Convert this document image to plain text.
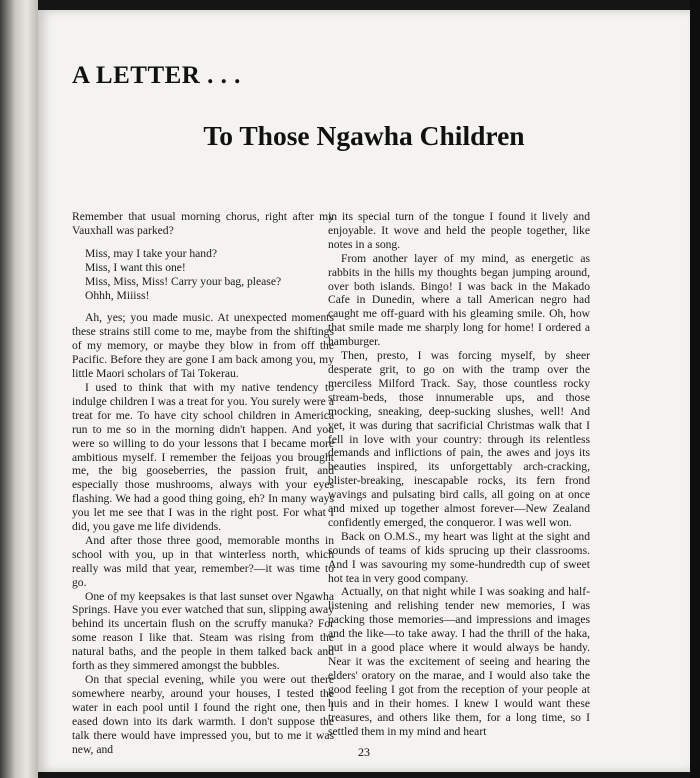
A LETTER . . .
To Those Ngawha Children

Remember that usual morning chorus, right after my Vauxhall was parked?

Miss, may I take your hand?
Miss, I want this one!
Miss, Miss, Miss! Carry your bag, please?
Ohhh, Miiiss!

Ah, yes; you made music. At unexpected moments these strains still come to me, maybe from the shiftings of my memory, or maybe they blow in from off the Pacific. Before they are gone I am back among you, my little Maori scholars of Tai Tokerau.

I used to think that with my native tendency to indulge children I was a treat for you. You surely were a treat for me. To have city school children in America run to me so in the morning didn't happen. And you were so willing to do your lessons that I became more ambitious myself. I remember the feijoas you brought me, the big gooseberries, the passion fruit, and especially those mushrooms, always with your eyes flashing. We had a good thing going, eh? In many ways you let me see that I was in the right post. For what I did, you gave me life dividends.

And after those three good, memorable months in school with you, up in that winterless north, which really was mild that year, remember?—it was time to go.

One of my keepsakes is that last sunset over Ngawha Springs. Have you ever watched that sun, slipping away behind its uncertain flush on the scruffy manuka? For some reason I like that. Steam was rising from the natural baths, and the people in them talked back and forth as they simmered amongst the bubbles.

On that special evening, while you were out there somewhere nearby, around your houses, I tested the water in each pool until I found the right one, then I eased down into its dark warmth. I don't suppose the talk there would have impressed you, but to me it was new, and

in its special turn of the tongue I found it lively and enjoyable. It wove and held the people together, like notes in a song.

From another layer of my mind, as energetic as rabbits in the hills my thoughts began jumping around, over both islands. Bingo! I was back in the Makado Cafe in Dunedin, where a tall American negro had caught me off-guard with his gleaming smile. Oh, how that smile made me sharply long for home! I ordered a hamburger.

Then, presto, I was forcing myself, by sheer desperate grit, to go on with the tramp over the merciless Milford Track. Say, those countless rocky stream-beds, those innumerable ups, and those mocking, sneaking, deep-sucking slushes, well! And yet, it was during that sacrificial Christmas walk that I fell in love with your country: through its relentless demands and inflictions of pain, the awes and joys its beauties inspired, its unforgettably arch-cracking, blister-breaking, inescapable rocks, its fern frond wavings and pulsating bird calls, all going on at once and mixed up together almost forever—New Zealand confidently emerged, the conqueror. I was well won.

Back on O.M.S., my heart was light at the sight and sounds of teams of kids sprucing up their classrooms. And I was savouring my some-hundredth cup of sweet hot tea in very good company.

Actually, on that night while I was soaking and half-listening and relishing tender new memories, I was packing those memories—and impressions and images and the like—to take away. I had the thrill of the haka, put in a good place where it would always be handy. Near it was the excitement of seeing and hearing the elders' oratory on the marae, and I would also take the good feeling I got from the reception of your people at huis and in their homes. I knew I would want these treasures, and others like them, for a long time, so I settled them in my mind and heart

23
